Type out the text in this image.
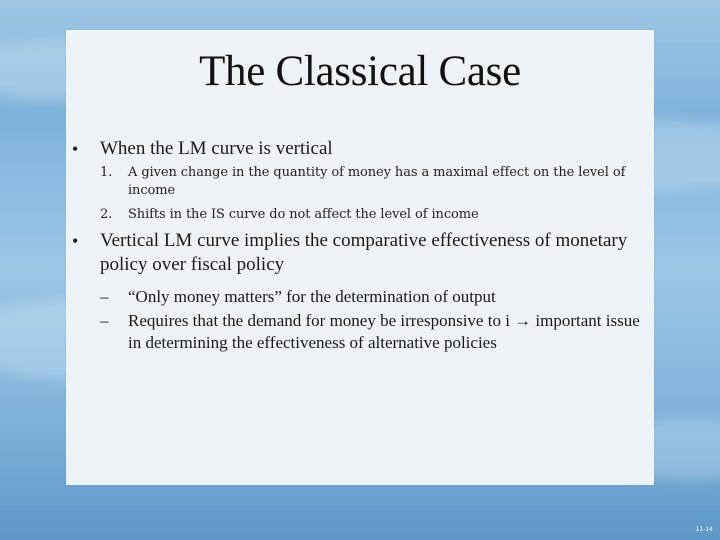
The Classical Case
• When the LM curve is vertical
1. A given change in the quantity of money has a maximal effect on the level of income
2. Shifts in the IS curve do not affect the level of income
• Vertical LM curve implies the comparative effectiveness of monetary policy over fiscal policy
– “Only money matters” for the determination of output
– Requires that the demand for money be irresponsive to i → important issue in determining the effectiveness of alternative policies
11-14
